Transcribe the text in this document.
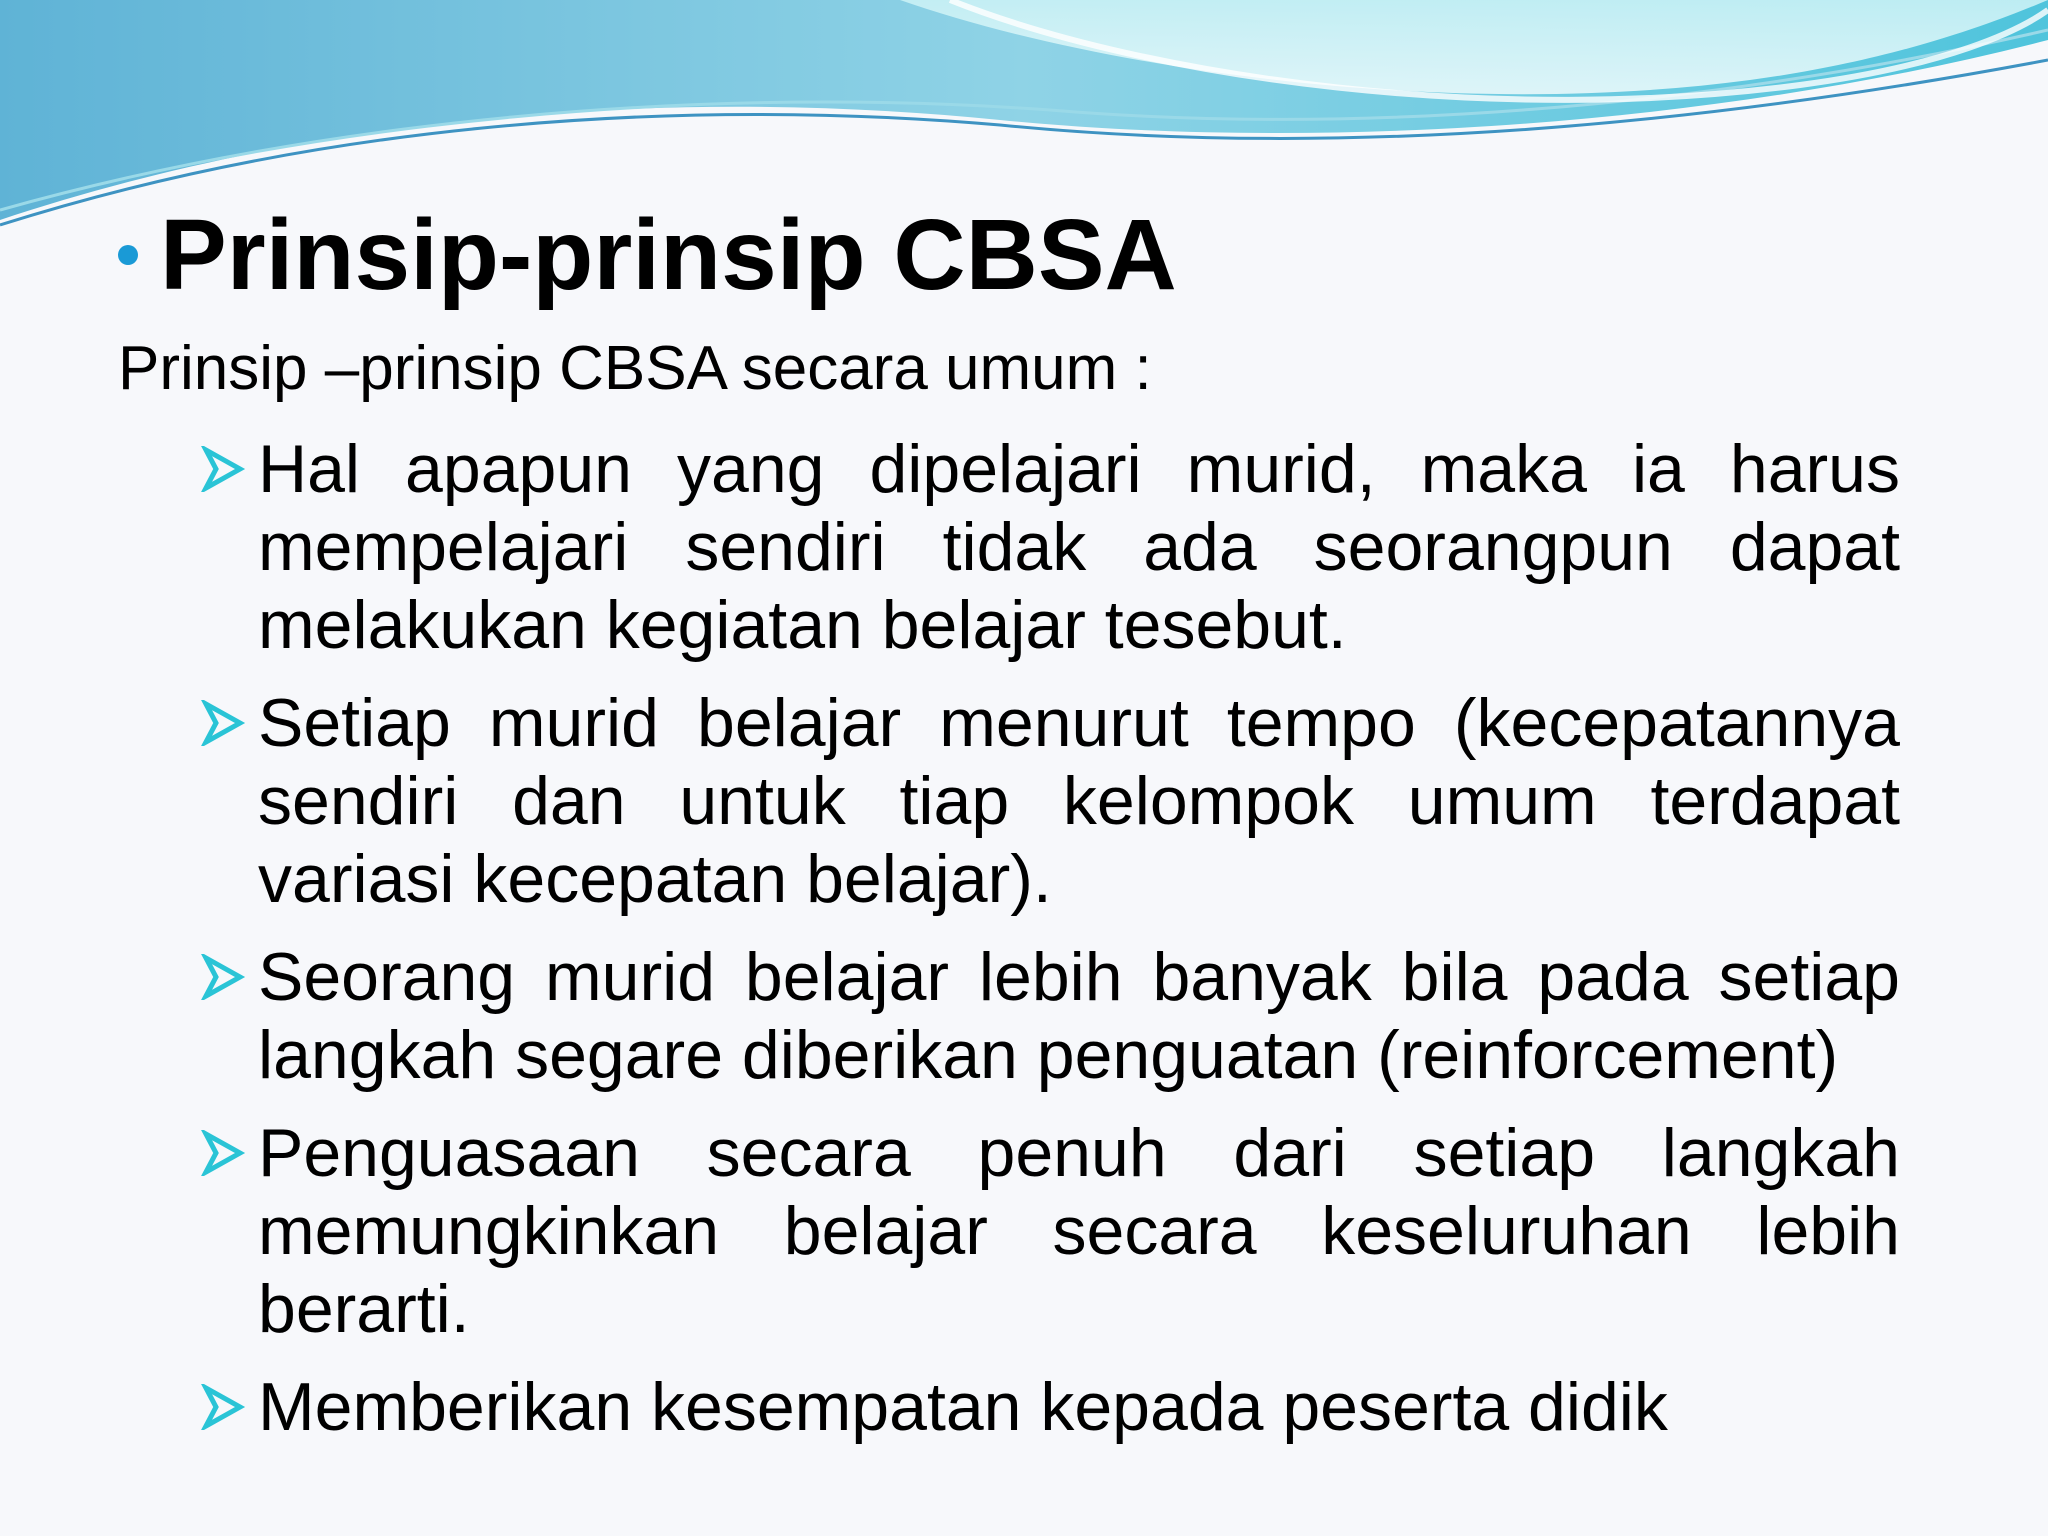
Prinsip-prinsip CBSA
Prinsip –prinsip CBSA secara umum :
Hal apapun yang dipelajari murid, maka ia harus mempelajari sendiri tidak ada seorangpun dapat melakukan kegiatan belajar tesebut.
Setiap murid belajar menurut tempo (kecepatannya sendiri dan untuk tiap kelompok umum terdapat variasi kecepatan belajar).
Seorang murid belajar lebih banyak bila pada setiap langkah segare diberikan penguatan (reinforcement)
Penguasaan secara penuh dari setiap langkah memungkinkan belajar secara keseluruhan lebih berarti.
Memberikan kesempatan kepada peserta didik
